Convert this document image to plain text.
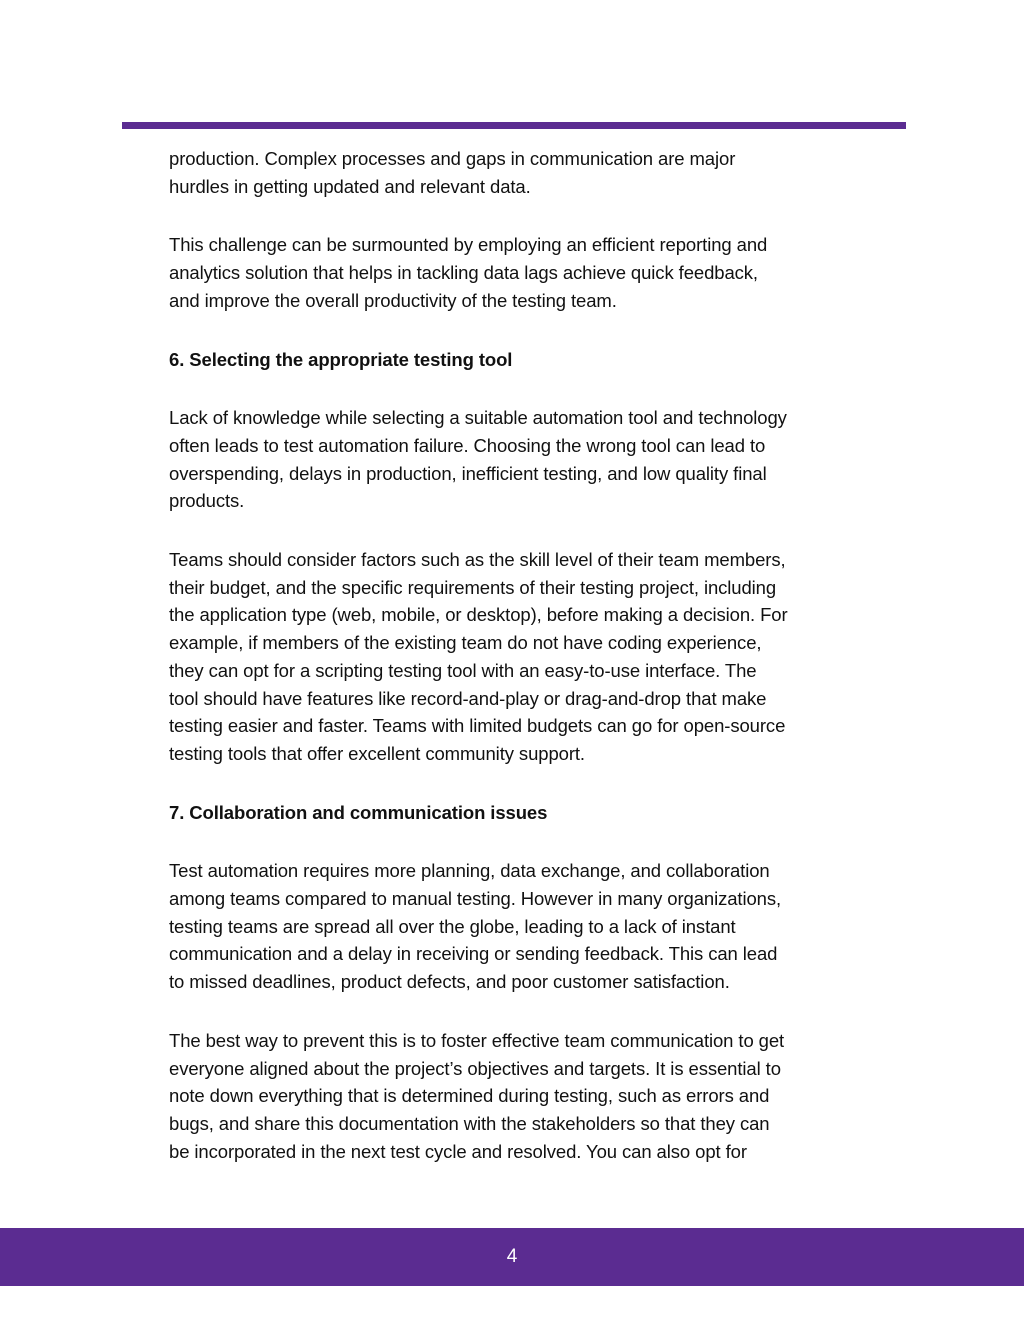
production. Complex processes and gaps in communication are major
hurdles in getting updated and relevant data.

This challenge can be surmounted by employing an efficient reporting and
analytics solution that helps in tackling data lags achieve quick feedback,
and improve the overall productivity of the testing team.

6. Selecting the appropriate testing tool

Lack of knowledge while selecting a suitable automation tool and technology
often leads to test automation failure. Choosing the wrong tool can lead to
overspending, delays in production, inefficient testing, and low quality final
products.

Teams should consider factors such as the skill level of their team members,
their budget, and the specific requirements of their testing project, including
the application type (web, mobile, or desktop), before making a decision. For
example, if members of the existing team do not have coding experience,
they can opt for a scripting testing tool with an easy-to-use interface. The
tool should have features like record-and-play or drag-and-drop that make
testing easier and faster. Teams with limited budgets can go for open-source
testing tools that offer excellent community support.

7. Collaboration and communication issues

Test automation requires more planning, data exchange, and collaboration
among teams compared to manual testing. However in many organizations,
testing teams are spread all over the globe, leading to a lack of instant
communication and a delay in receiving or sending feedback. This can lead
to missed deadlines, product defects, and poor customer satisfaction.

The best way to prevent this is to foster effective team communication to get
everyone aligned about the project’s objectives and targets. It is essential to
note down everything that is determined during testing, such as errors and
bugs, and share this documentation with the stakeholders so that they can
be incorporated in the next test cycle and resolved. You can also opt for

4
